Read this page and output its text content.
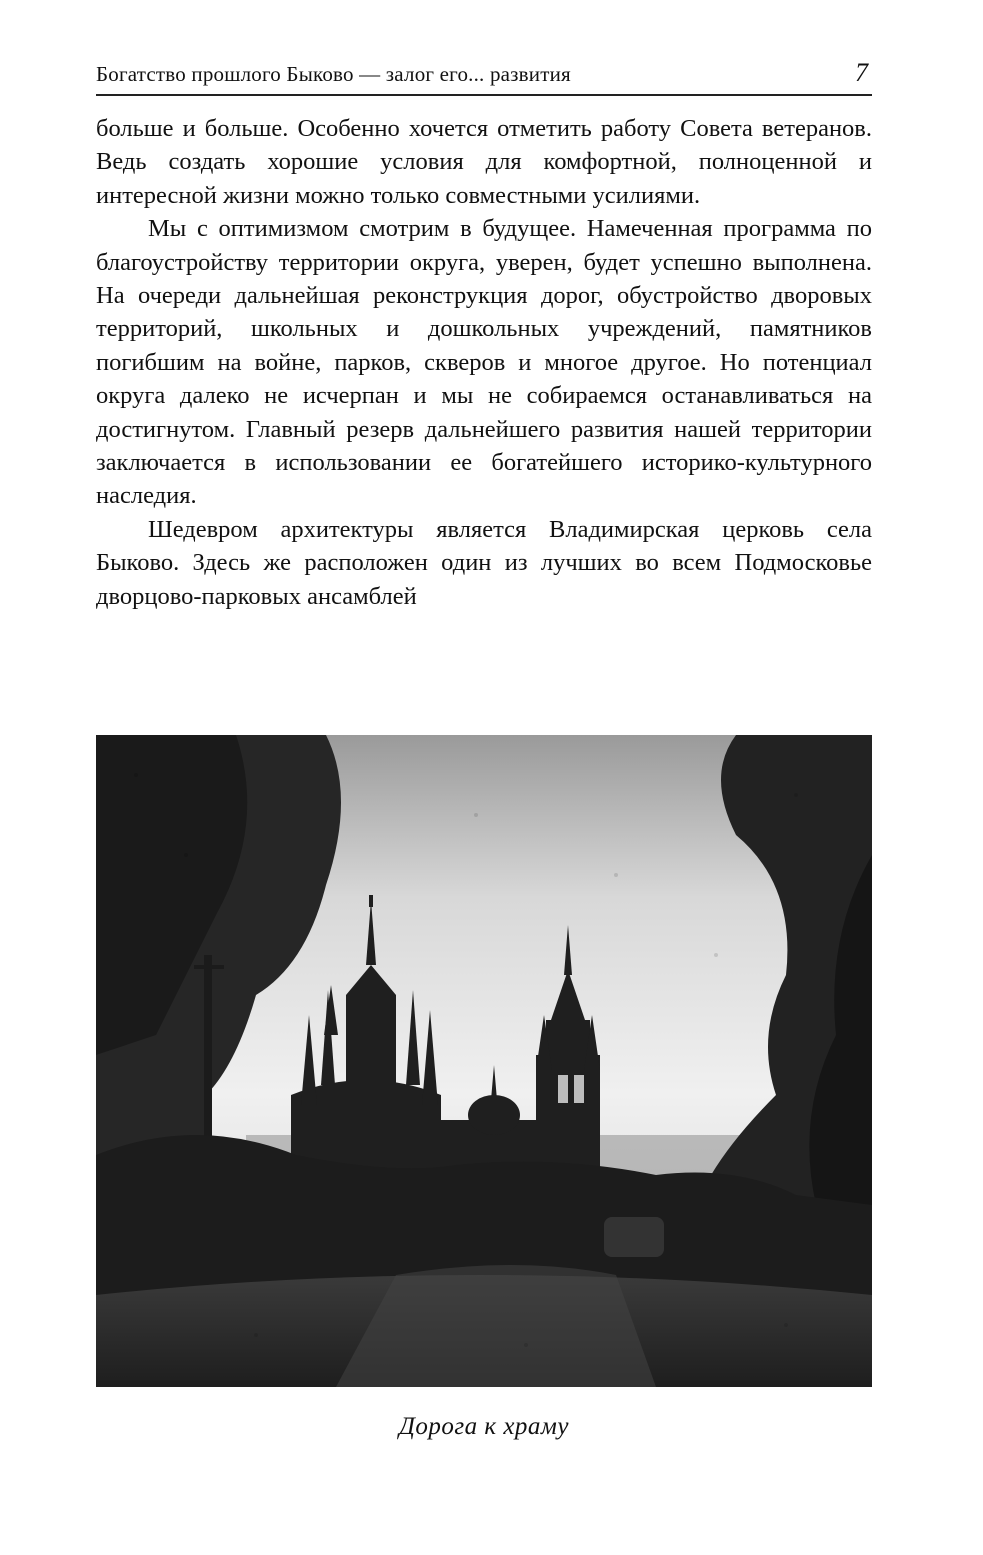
Богатство прошлого Быково — залог его... развития	7

больше и больше. Особенно хочется отметить работу Совета ветеранов. Ведь создать хорошие условия для комфортной, полноценной и интересной жизни можно только совместными усилиями.

Мы с оптимизмом смотрим в будущее. Намеченная программа по благоустройству территории округа, уверен, будет успешно выполнена. На очереди дальнейшая реконструкция дорог, обустройство дворовых территорий, школьных и дошкольных учреждений, памятников погибшим на войне, парков, скверов и многое другое. Но потенциал округа далеко не исчерпан и мы не собираемся останавливаться на достигнутом. Главный резерв дальнейшего развития нашей территории заключается в использовании ее богатейшего историко-культурного наследия.

Шедевром архитектуры является Владимирская церковь села Быково. Здесь же расположен один из лучших во всем Подмосковье дворцово-парковых ансамблей

Дорога к храму
